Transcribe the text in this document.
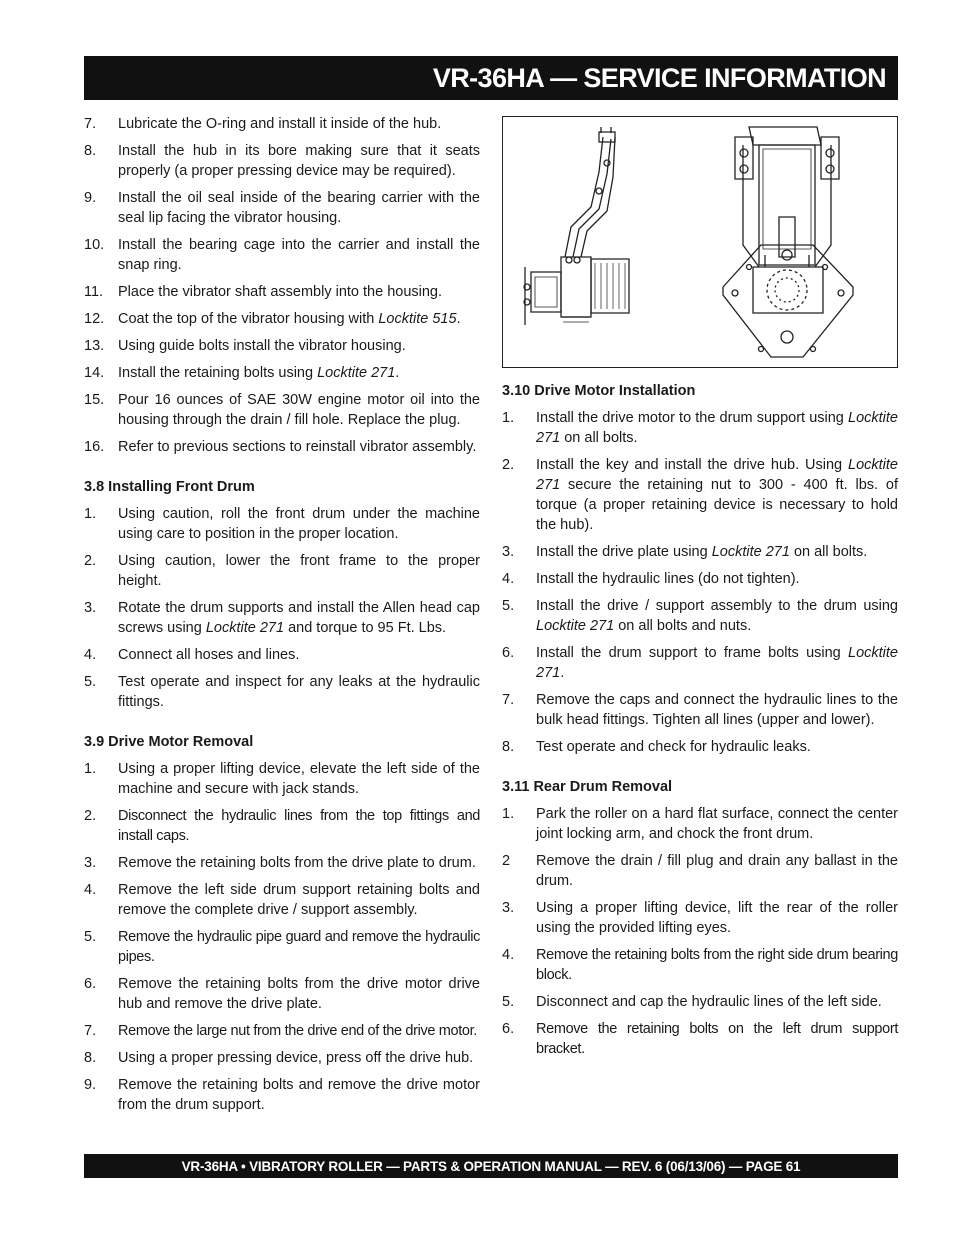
VR-36HA — SERVICE INFORMATION
7.	Lubricate the O-ring and install it inside of the hub.
8.	Install the hub in its bore making sure that it seats properly (a proper pressing device may be required).
9.	Install the oil seal inside of the bearing carrier with the seal lip facing the vibrator housing.
10. Install the bearing cage into the carrier and install the snap ring.
11.	Place the vibrator shaft assembly into the housing.
12. Coat the top of the vibrator housing with Locktite 515.
13. Using guide bolts install the vibrator housing.
14. Install the retaining bolts using Locktite 271.
15. Pour 16 ounces of SAE 30W engine motor oil into the housing through the drain / fill hole. Replace the plug.
16. Refer to previous sections to reinstall vibrator assembly.
3.8 Installing Front Drum
1.	Using caution, roll the front drum under the machine using care to position in the proper location.
2.	Using caution, lower the front frame to the proper height.
3.	Rotate the drum supports and install the Allen head cap screws using Locktite 271 and torque to 95 Ft. Lbs.
4.	Connect all hoses and lines.
5.	Test operate and inspect for any leaks at the hydraulic fittings.
3.9 Drive Motor Removal
1.	Using a proper lifting device, elevate the left side of the machine and secure with jack stands.
2.	Disconnect the hydraulic lines from the top fittings and install caps.
3.	Remove the retaining bolts from the drive plate to drum.
4.	Remove the left side drum support retaining bolts and remove the complete drive / support assembly.
5.	Remove the hydraulic pipe guard and remove the hydraulic pipes.
6.	Remove the retaining bolts from the drive motor drive hub and remove the drive plate.
7.	Remove the large nut from the drive end of the drive motor.
8.	Using a proper pressing device, press off the drive hub.
9.	Remove the retaining bolts and remove the drive motor from the drum support.
3.10 Drive Motor Installation
1.	Install the drive motor to the drum support using Locktite 271 on all bolts.
2.	Install the key and install the drive hub. Using Locktite 271 secure the retaining nut to 300 - 400 ft. lbs. of torque (a proper retaining device is necessary to hold the hub).
3.	Install the drive plate using Locktite 271 on all bolts.
4.	Install the hydraulic lines (do not tighten).
5.	Install the drive / support assembly to the drum using Locktite 271 on all bolts and nuts.
6.	Install the drum support to frame bolts using Locktite 271.
7.	Remove the caps and connect the hydraulic lines to the bulk head fittings. Tighten all lines (upper and lower).
8.	Test operate and check for hydraulic leaks.
3.11 Rear Drum Removal
1.	Park the roller on a hard flat surface, connect the center joint locking arm, and chock the front drum.
2	Remove the drain / fill plug and drain any ballast in the drum.
3.	Using a proper lifting device, lift the rear of the roller using the provided lifting eyes.
4.	Remove the retaining bolts from the right side drum bearing block.
5.	Disconnect and cap the hydraulic lines of the left side.
6.	Remove the retaining bolts on the left drum support bracket.
VR-36HA • VIBRATORY ROLLER — PARTS & OPERATION MANUAL — REV. 6 (06/13/06) — PAGE 61
